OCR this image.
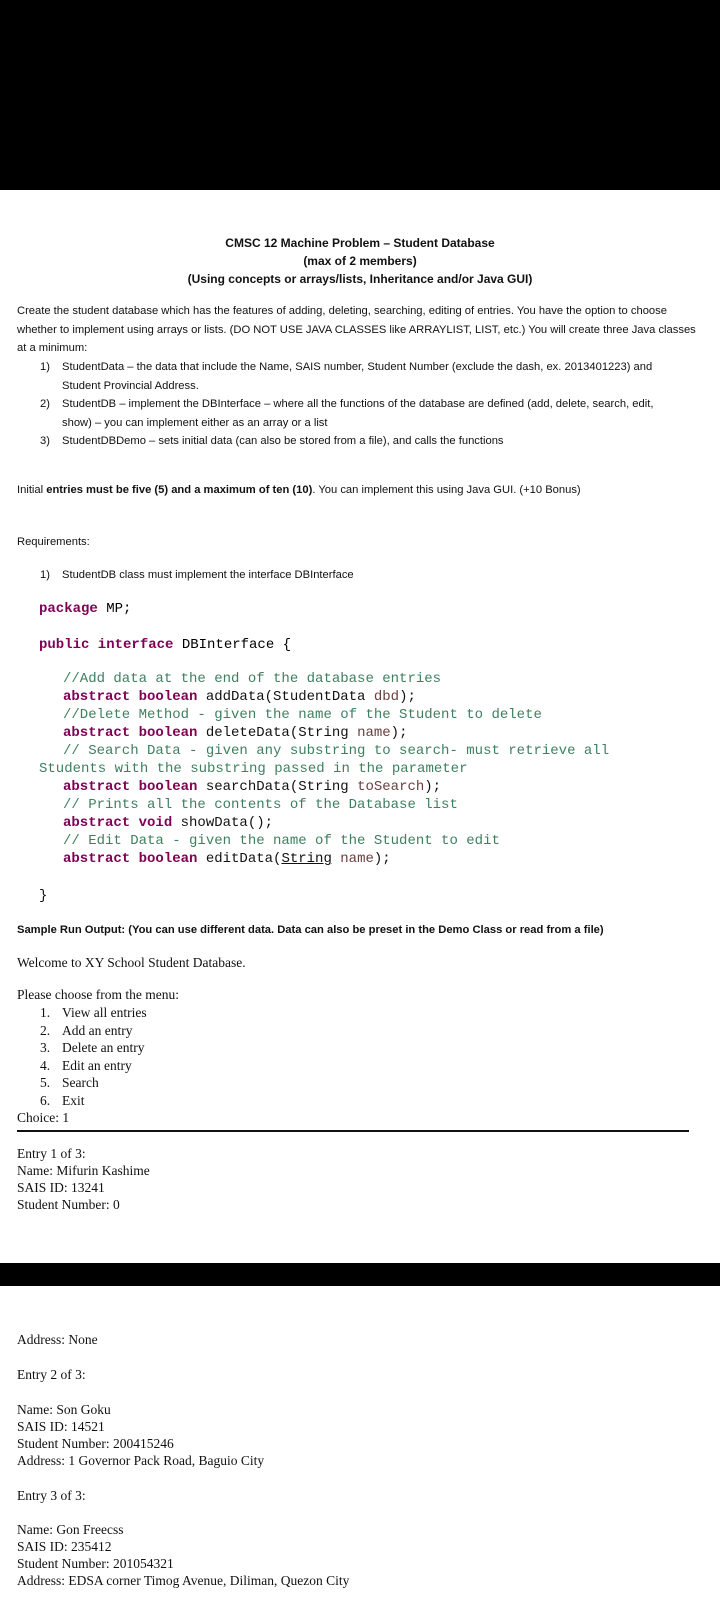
CMSC 12 Machine Problem – Student Database
(max of 2 members)
(Using concepts or arrays/lists, Inheritance and/or Java GUI)
Create the student database which has the features of adding, deleting, searching, editing of entries. You have the option to choose whether to implement using arrays or lists. (DO NOT USE JAVA CLASSES like ARRAYLIST, LIST, etc.) You will create three Java classes at a minimum:
1) StudentData – the data that include the Name, SAIS number, Student Number (exclude the dash, ex. 2013401223) and Student Provincial Address.
2) StudentDB – implement the DBInterface – where all the functions of the database are defined (add, delete, search, edit, show) – you can implement either as an array or a list
3) StudentDBDemo – sets initial data (can also be stored from a file), and calls the functions
Initial entries must be five (5) and a maximum of ten (10). You can implement this using Java GUI. (+10 Bonus)
Requirements:
1) StudentDB class must implement the interface DBInterface
package MP;
public interface DBInterface {
//Add data at the end of the database entries
abstract boolean addData(StudentData dbd);
//Delete Method - given the name of the Student to delete
abstract boolean deleteData(String name);
// Search Data - given any substring to search- must retrieve all
Students with the substring passed in the parameter
abstract boolean searchData(String toSearch);
// Prints all the contents of the Database list
abstract void showData();
// Edit Data - given the name of the Student to edit
abstract boolean editData(String name);
}
Sample Run Output: (You can use different data. Data can also be preset in the Demo Class or read from a file)
Welcome to XY School Student Database.
Please choose from the menu:
1. View all entries
2. Add an entry
3. Delete an entry
4. Edit an entry
5. Search
6. Exit
Choice: 1
Entry 1 of 3:
Name: Mifurin Kashime
SAIS ID: 13241
Student Number: 0
Address: None
Entry 2 of 3:
Name: Son Goku
SAIS ID: 14521
Student Number: 200415246
Address: 1 Governor Pack Road, Baguio City
Entry 3 of 3:
Name: Gon Freecss
SAIS ID: 235412
Student Number: 201054321
Address: EDSA corner Timog Avenue, Diliman, Quezon City
